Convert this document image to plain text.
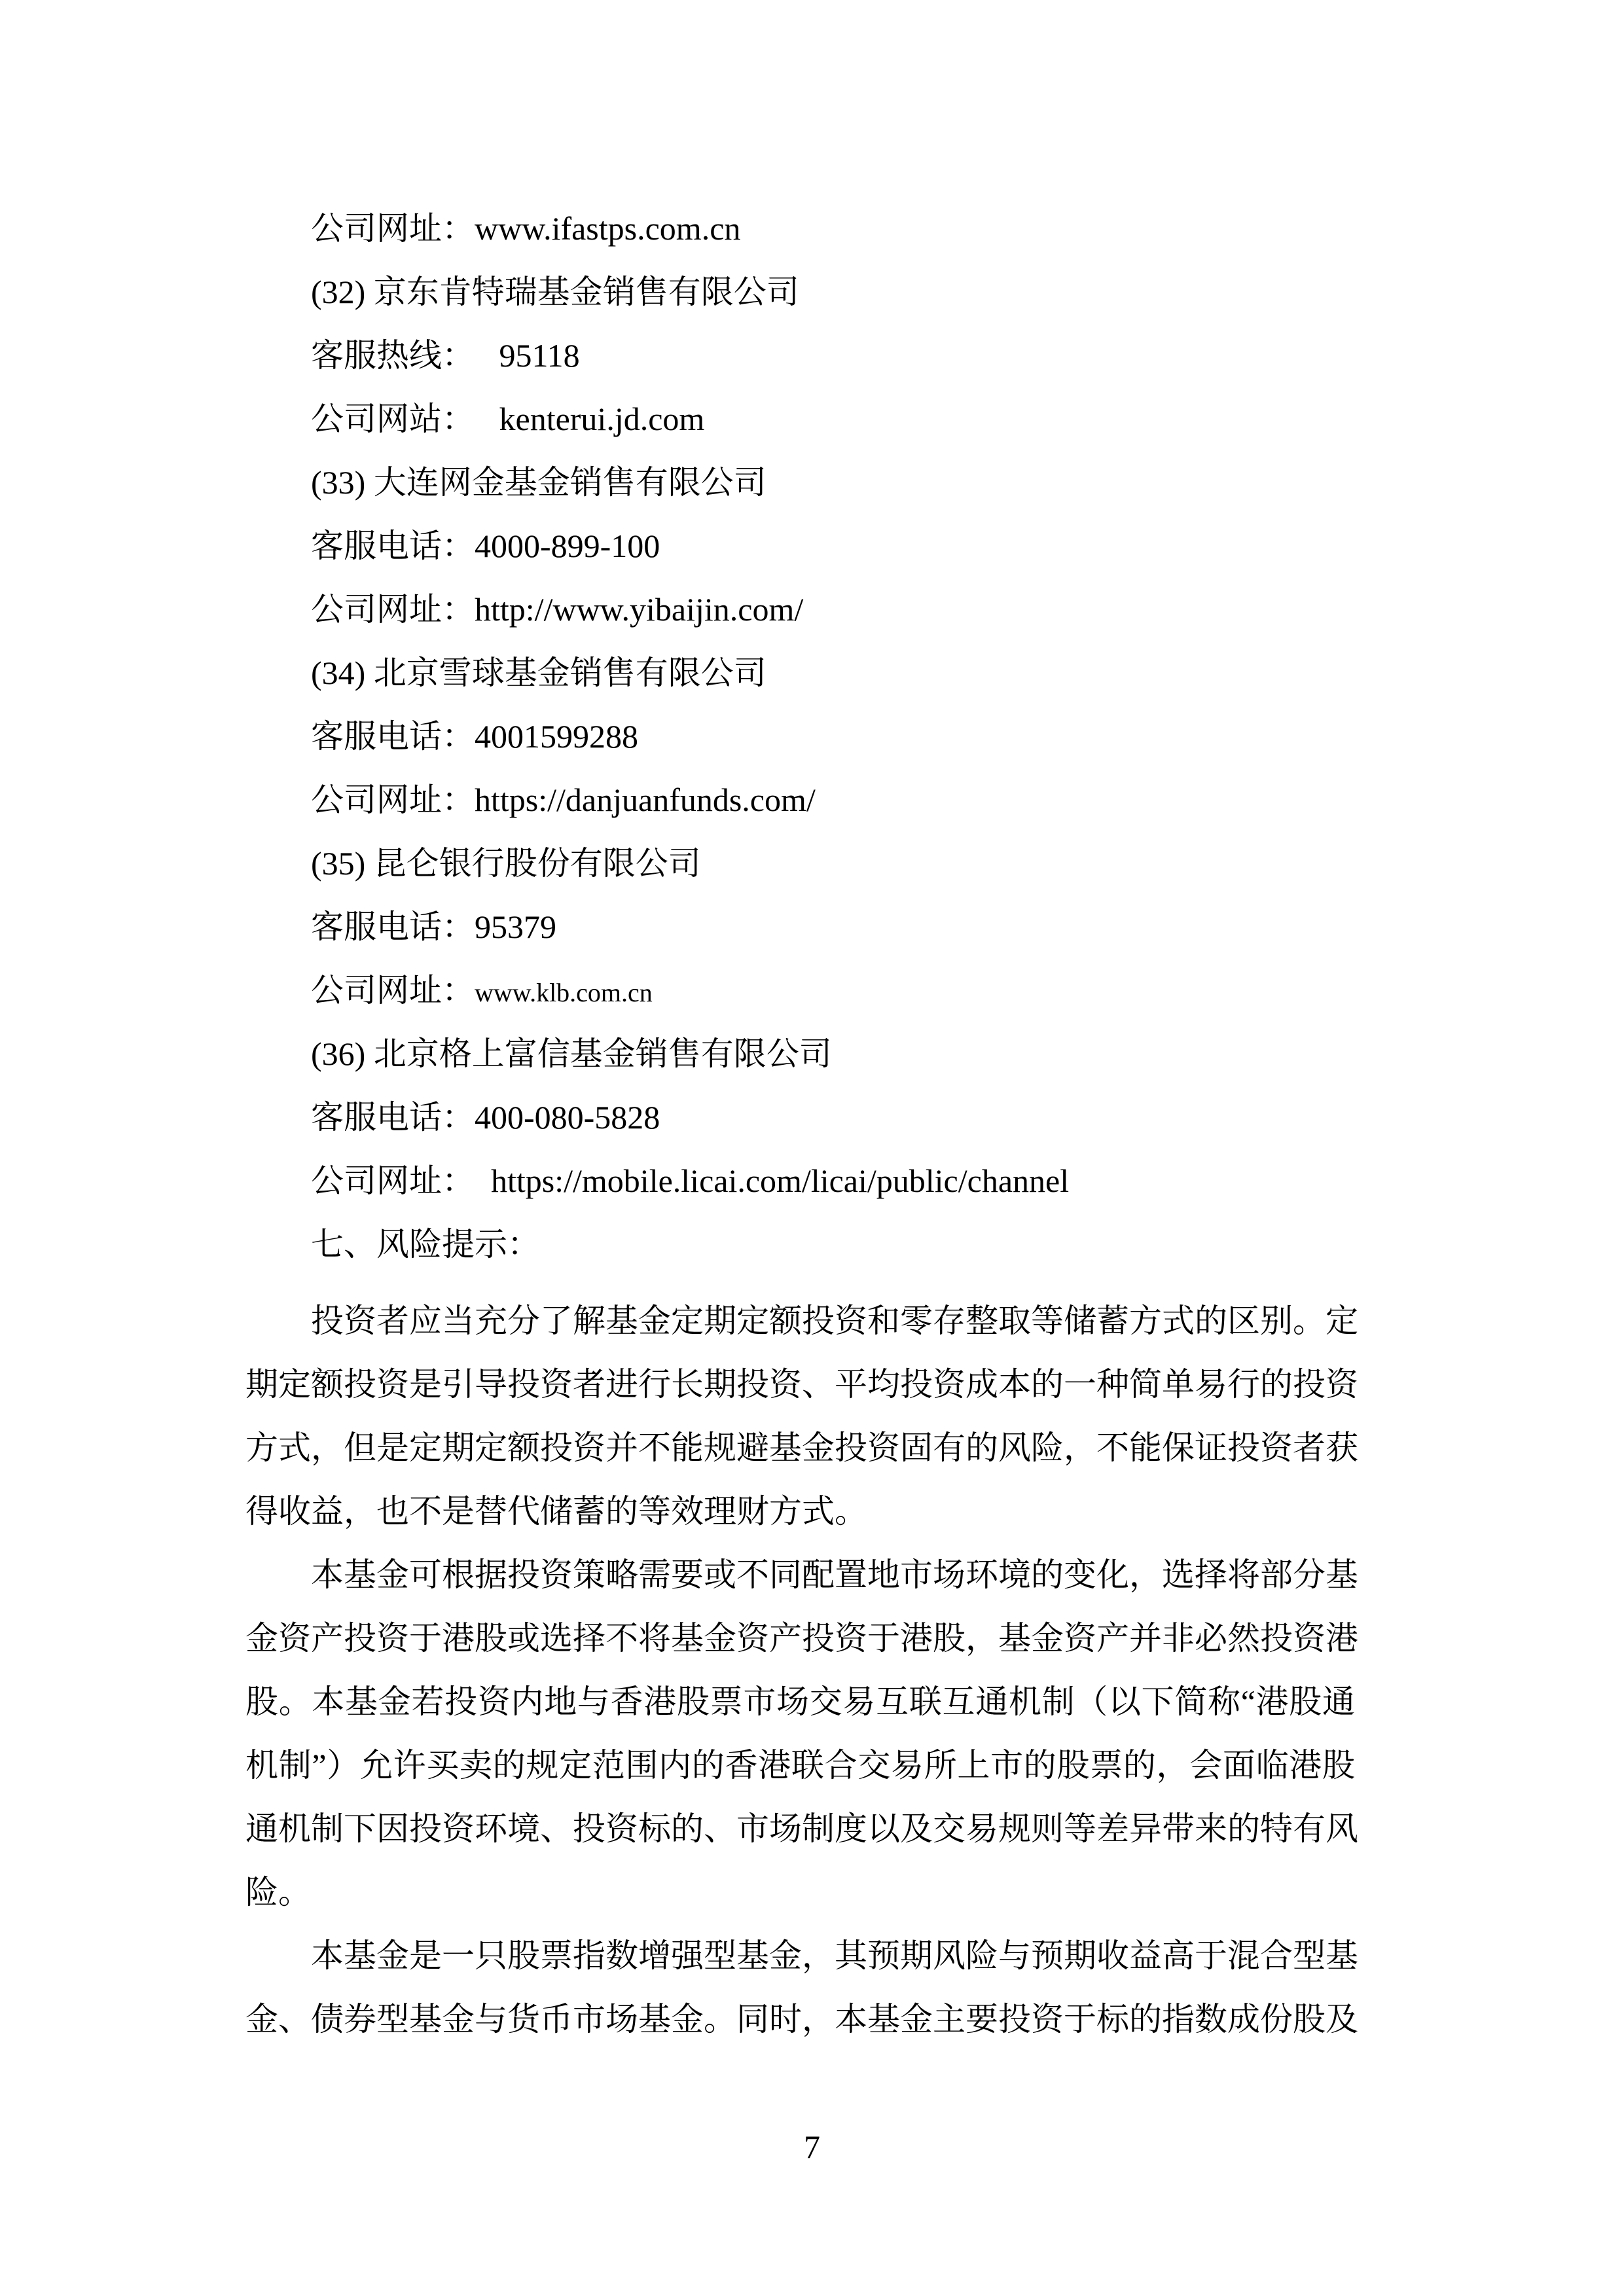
公司网址：www.ifastps.com.cn
(32) 京东肯特瑞基金销售有限公司
客服热线：   95118
公司网站：   kenterui.jd.com
(33) 大连网金基金销售有限公司
客服电话：4000-899-100
公司网址：http://www.yibaijin.com/
(34) 北京雪球基金销售有限公司
客服电话：4001599288
公司网址：https://danjuanfunds.com/
(35) 昆仑银行股份有限公司
客服电话：95379
公司网址：www.klb.com.cn
(36) 北京格上富信基金销售有限公司
客服电话：400-080-5828
公司网址：  https://mobile.licai.com/licai/public/channel
七、风险提示：
投资者应当充分了解基金定期定额投资和零存整取等储蓄方式的区别。定
期定额投资是引导投资者进行长期投资、平均投资成本的一种简单易行的投资
方式，但是定期定额投资并不能规避基金投资固有的风险，不能保证投资者获
得收益，也不是替代储蓄的等效理财方式。
本基金可根据投资策略需要或不同配置地市场环境的变化，选择将部分基
金资产投资于港股或选择不将基金资产投资于港股，基金资产并非必然投资港
股。本基金若投资内地与香港股票市场交易互联互通机制（以下简称“港股通
机制”）允许买卖的规定范围内的香港联合交易所上市的股票的，会面临港股
通机制下因投资环境、投资标的、市场制度以及交易规则等差异带来的特有风
险。
本基金是一只股票指数增强型基金，其预期风险与预期收益高于混合型基
金、债券型基金与货币市场基金。同时，本基金主要投资于标的指数成份股及
7
